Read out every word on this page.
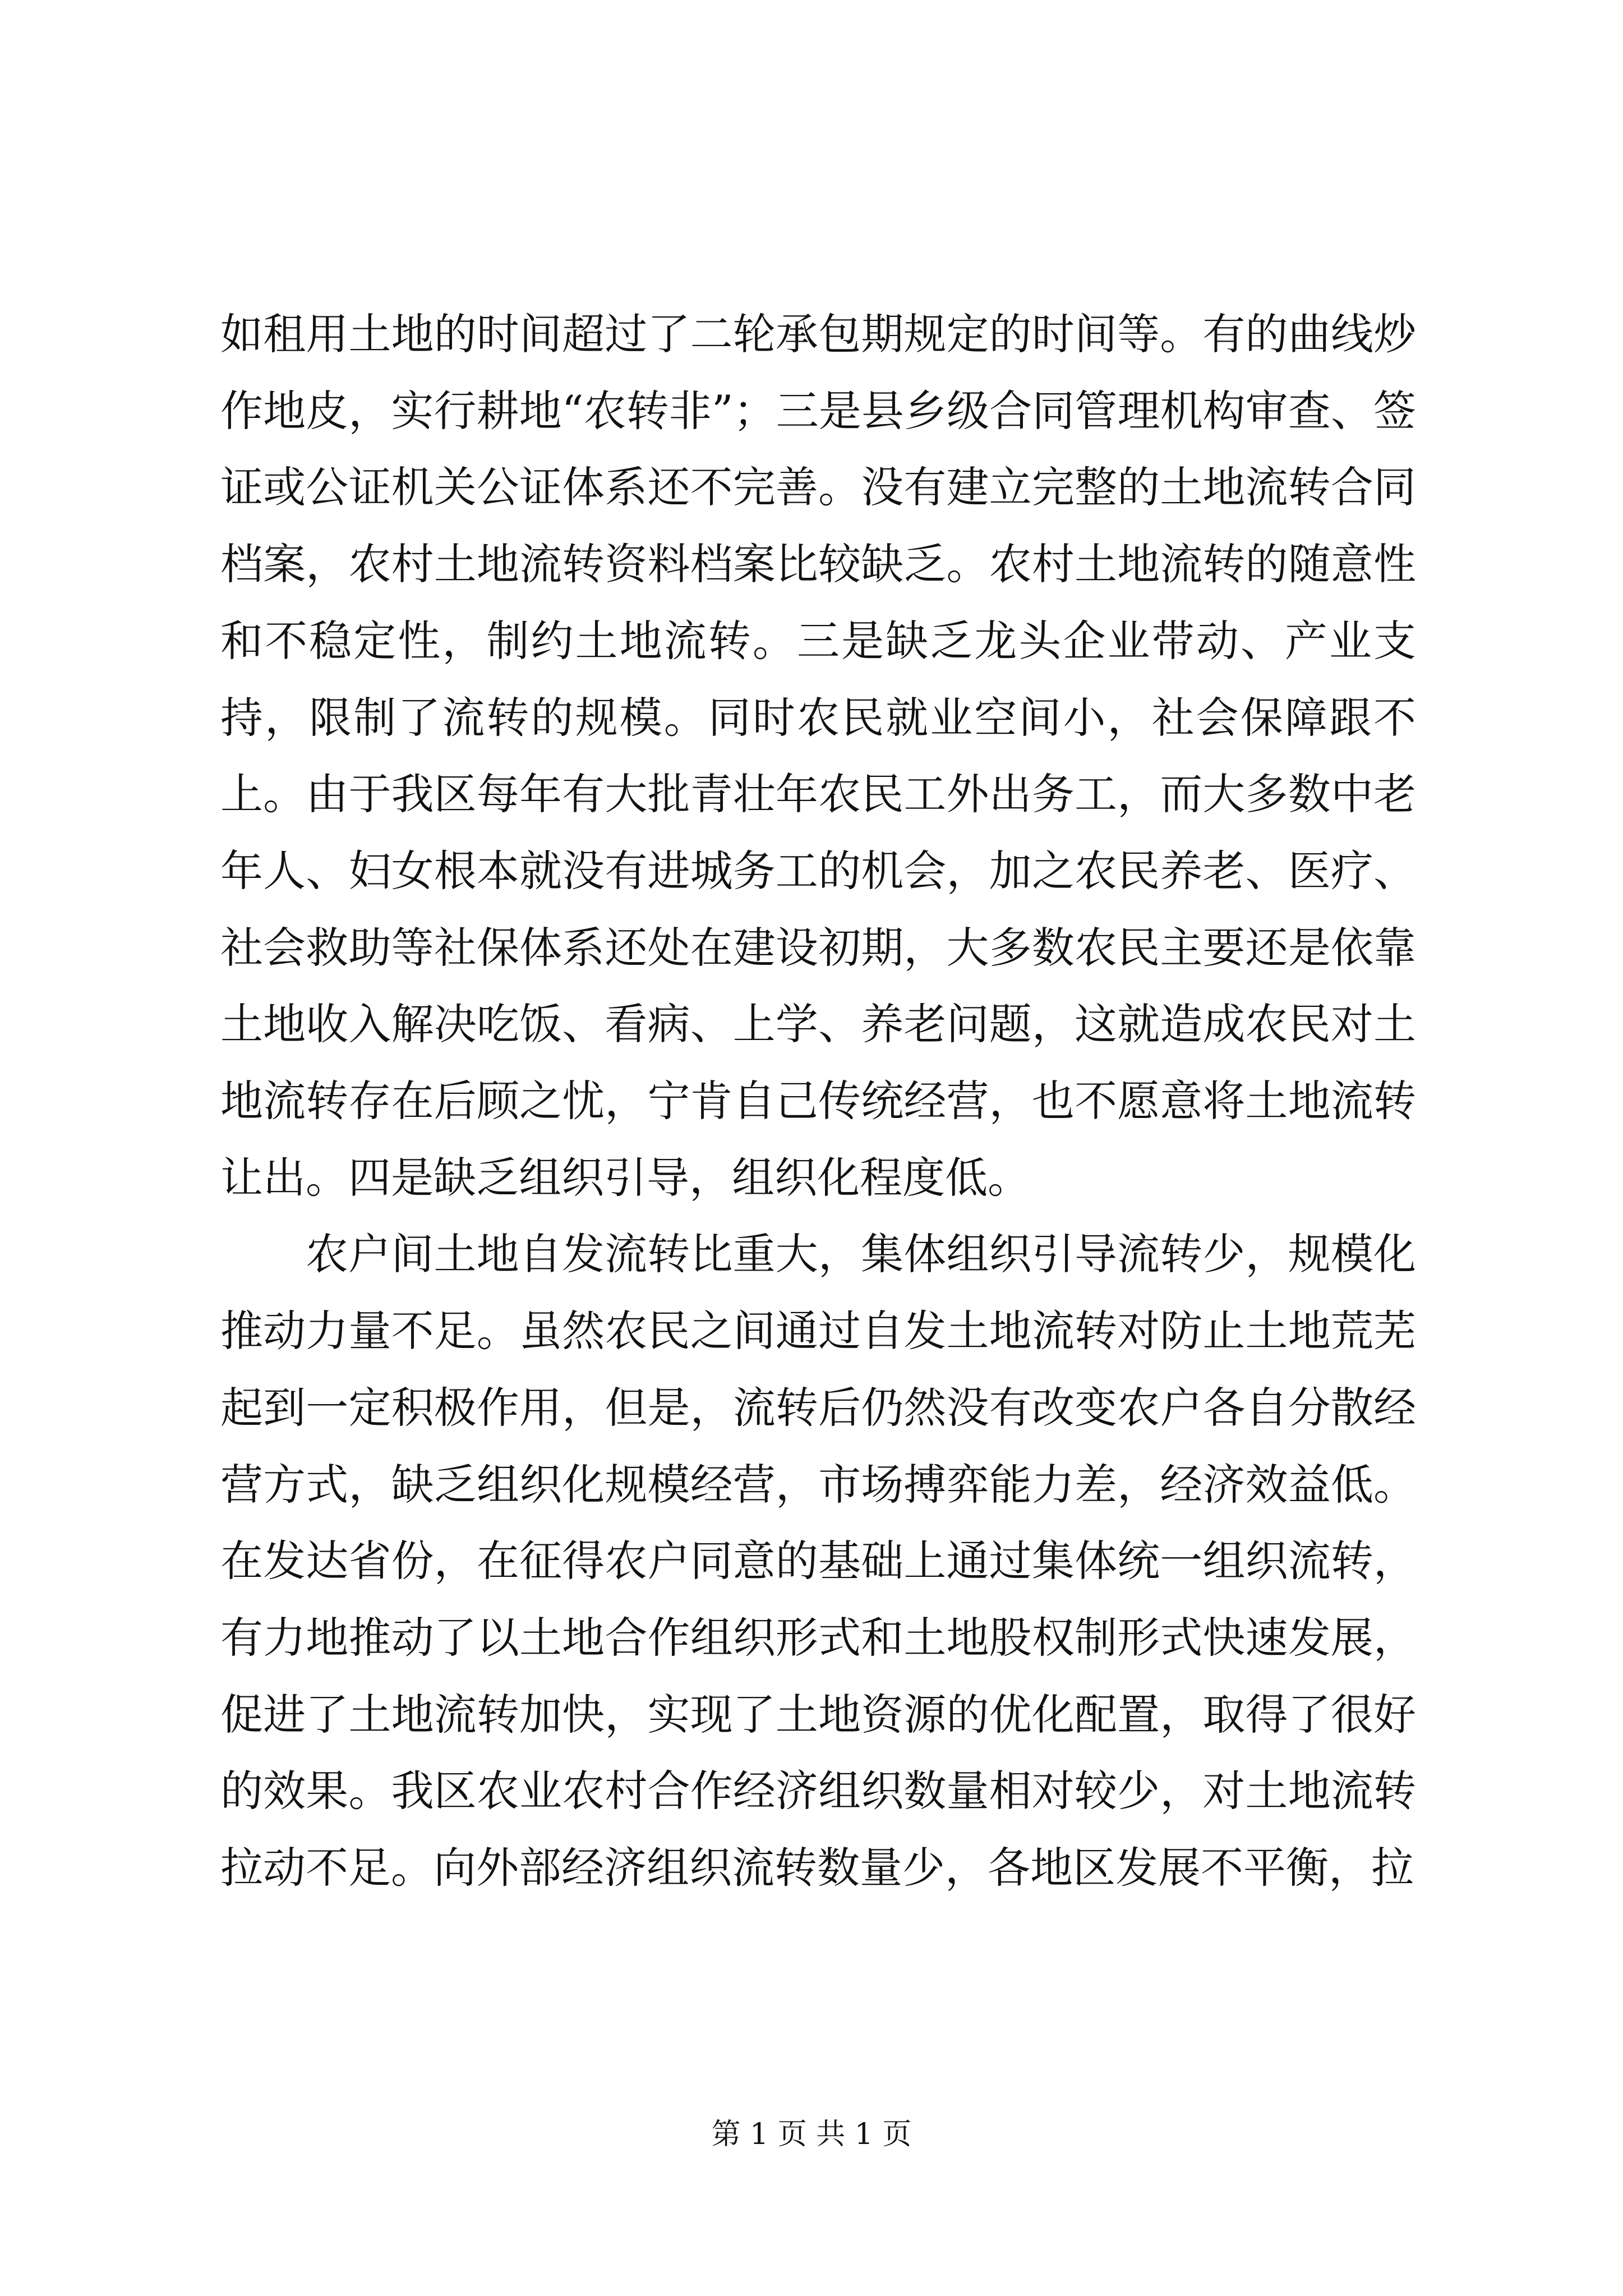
如租用土地的时间超过了二轮承包期规定的时间等。有的曲线炒作地皮，实行耕地“农转非”；三是县乡级合同管理机构审查、签证或公证机关公证体系还不完善。没有建立完整的土地流转合同档案，农村土地流转资料档案比较缺乏。农村土地流转的随意性和不稳定性，制约土地流转。三是缺乏龙头企业带动、产业支持，限制了流转的规模。同时农民就业空间小，社会保障跟不上。由于我区每年有大批青壮年农民工外出务工，而大多数中老年人、妇女根本就没有进城务工的机会，加之农民养老、医疗、社会救助等社保体系还处在建设初期，大多数农民主要还是依靠土地收入解决吃饭、看病、上学、养老问题，这就造成农民对土地流转存在后顾之忧，宁肯自己传统经营，也不愿意将土地流转让出。四是缺乏组织引导，组织化程度低。

农户间土地自发流转比重大，集体组织引导流转少，规模化推动力量不足。虽然农民之间通过自发土地流转对防止土地荒芜起到一定积极作用，但是，流转后仍然没有改变农户各自分散经营方式，缺乏组织化规模经营，市场搏弈能力差，经济效益低。在发达省份，在征得农户同意的基础上通过集体统一组织流转，有力地推动了以土地合作组织形式和土地股权制形式快速发展，促进了土地流转加快，实现了土地资源的优化配置，取得了很好的效果。我区农业农村合作经济组织数量相对较少，对土地流转拉动不足。向外部经济组织流转数量少，各地区发展不平衡，拉

第 1 页 共 1 页
